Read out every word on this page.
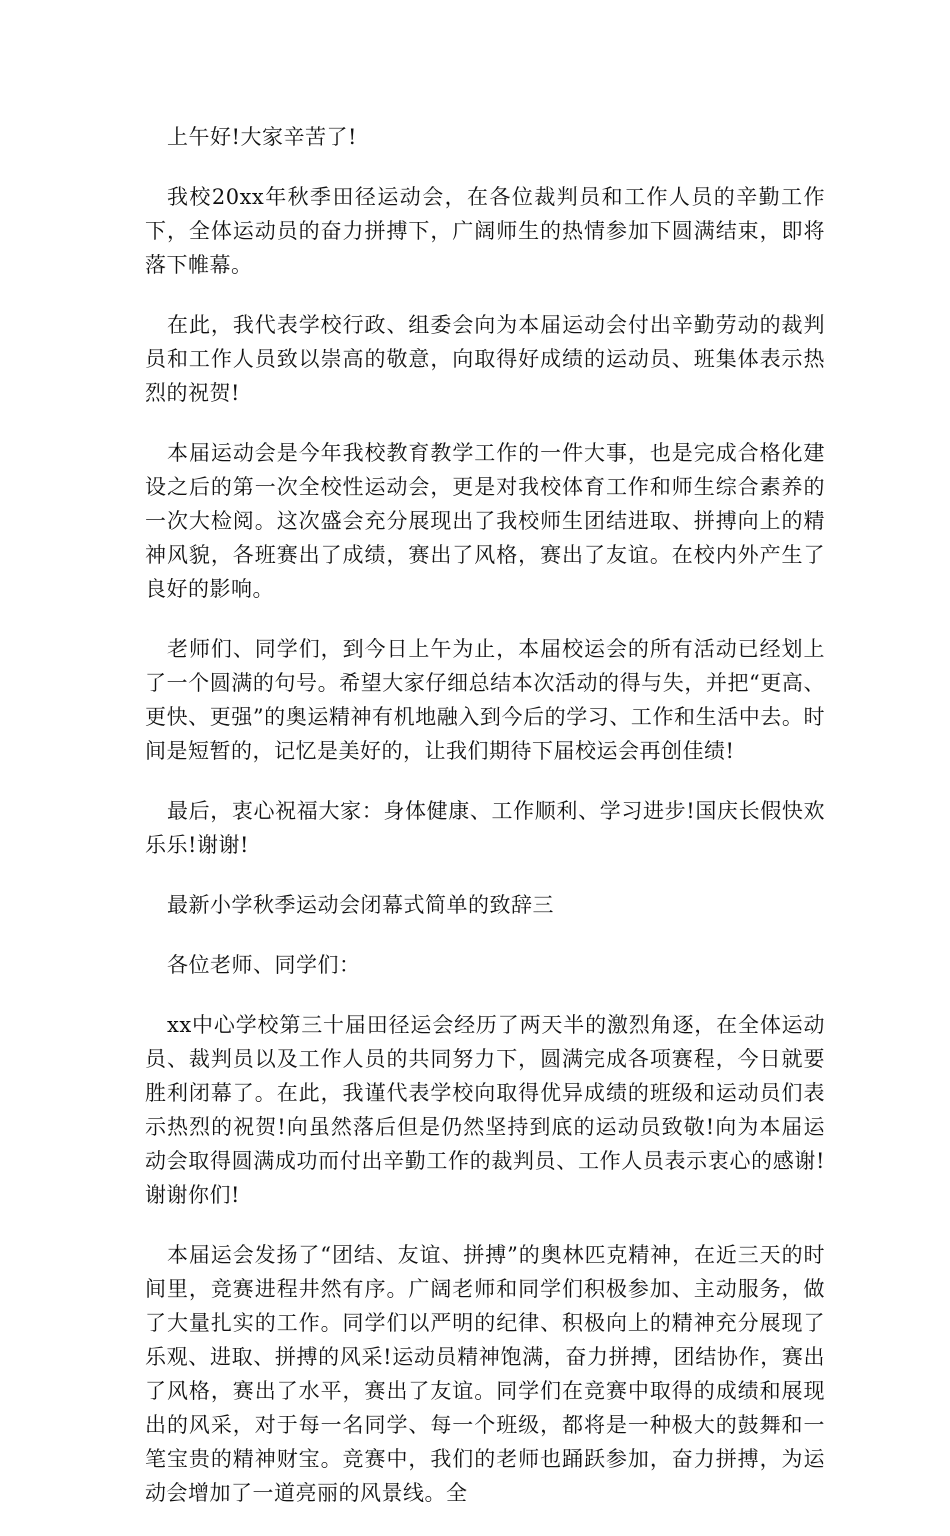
上午好!大家辛苦了!

我校20xx年秋季田径运动会，在各位裁判员和工作人员的辛勤工作下，全体运动员的奋力拼搏下，广阔师生的热情参加下圆满结束，即将落下帷幕。

在此，我代表学校行政、组委会向为本届运动会付出辛勤劳动的裁判员和工作人员致以崇高的敬意，向取得好成绩的运动员、班集体表示热烈的祝贺!

本届运动会是今年我校教育教学工作的一件大事，也是完成合格化建设之后的第一次全校性运动会，更是对我校体育工作和师生综合素养的一次大检阅。这次盛会充分展现出了我校师生团结进取、拼搏向上的精神风貌，各班赛出了成绩，赛出了风格，赛出了友谊。在校内外产生了良好的影响。

老师们、同学们，到今日上午为止，本届校运会的所有活动已经划上了一个圆满的句号。希望大家仔细总结本次活动的得与失，并把“更高、更快、更强”的奥运精神有机地融入到今后的学习、工作和生活中去。时间是短暂的，记忆是美好的，让我们期待下届校运会再创佳绩!

最后，衷心祝福大家：身体健康、工作顺利、学习进步!国庆长假快欢乐乐!谢谢!

最新小学秋季运动会闭幕式简单的致辞三

各位老师、同学们：

xx中心学校第三十届田径运会经历了两天半的激烈角逐，在全体运动员、裁判员以及工作人员的共同努力下，圆满完成各项赛程，今日就要胜利闭幕了。在此，我谨代表学校向取得优异成绩的班级和运动员们表示热烈的祝贺!向虽然落后但是仍然坚持到底的运动员致敬!向为本届运动会取得圆满成功而付出辛勤工作的裁判员、工作人员表示衷心的感谢!谢谢你们!

本届运会发扬了“团结、友谊、拼搏”的奥林匹克精神，在近三天的时间里，竞赛进程井然有序。广阔老师和同学们积极参加、主动服务，做了大量扎实的工作。同学们以严明的纪律、积极向上的精神充分展现了乐观、进取、拼搏的风采!运动员精神饱满，奋力拼搏，团结协作，赛出了风格，赛出了水平，赛出了友谊。同学们在竞赛中取得的成绩和展现出的风采，对于每一名同学、每一个班级，都将是一种极大的鼓舞和一笔宝贵的精神财宝。竞赛中，我们的老师也踊跃参加，奋力拼搏，为运动会增加了一道亮丽的风景线。全
